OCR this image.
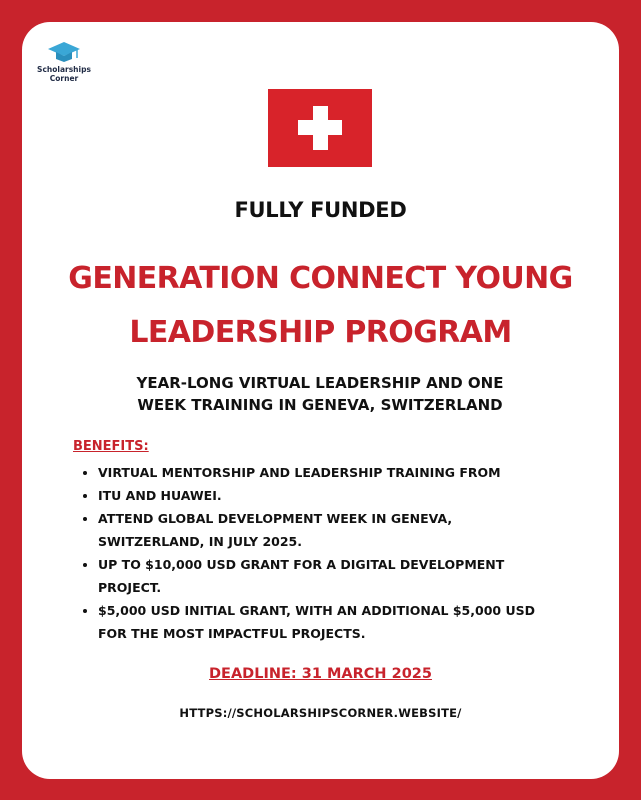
Scholarships
Corner
FULLY FUNDED
GENERATION CONNECT YOUNG
LEADERSHIP PROGRAM
YEAR-LONG VIRTUAL LEADERSHIP AND ONE
WEEK TRAINING IN GENEVA, SWITZERLAND
BENEFITS:
• VIRTUAL MENTORSHIP AND LEADERSHIP TRAINING FROM
• ITU AND HUAWEI.
• ATTEND GLOBAL DEVELOPMENT WEEK IN GENEVA, SWITZERLAND, IN JULY 2025.
• UP TO $10,000 USD GRANT FOR A DIGITAL DEVELOPMENT PROJECT.
• $5,000 USD INITIAL GRANT, WITH AN ADDITIONAL $5,000 USD FOR THE MOST IMPACTFUL PROJECTS.
DEADLINE: 31 MARCH 2025
HTTPS://SCHOLARSHIPSCORNER.WEBSITE/
